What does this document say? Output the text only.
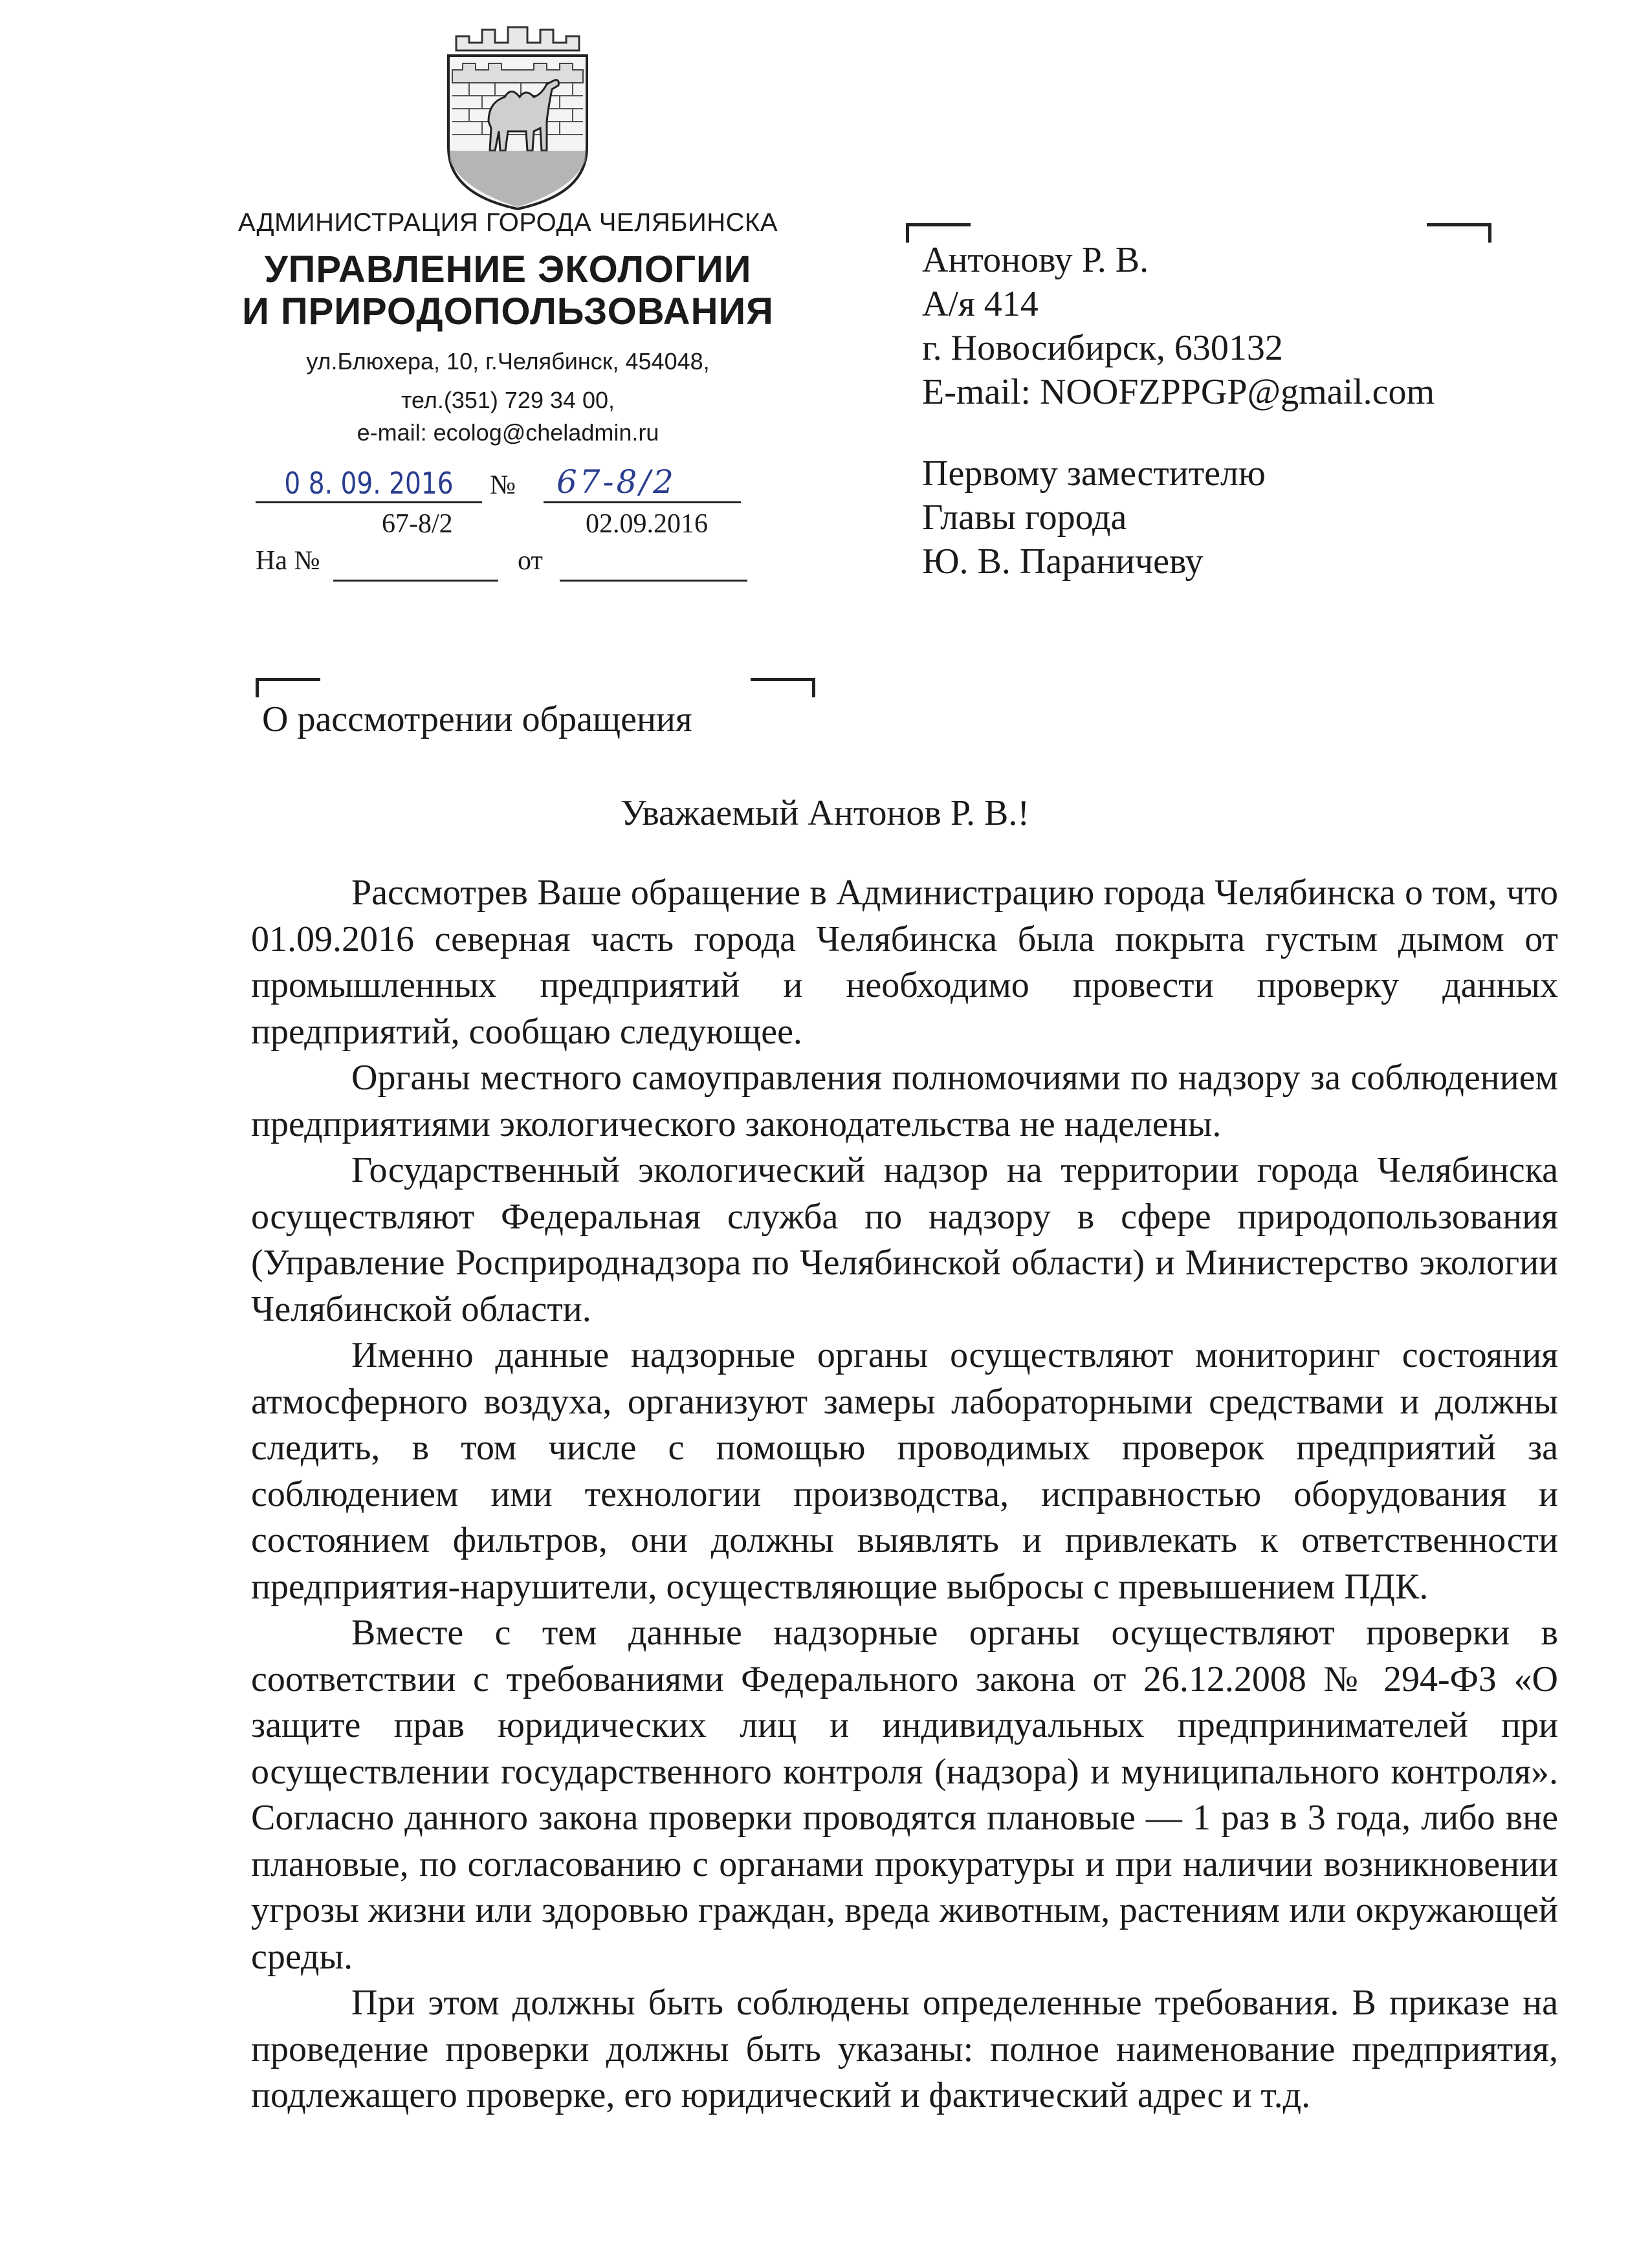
АДМИНИСТРАЦИЯ ГОРОДА ЧЕЛЯБИНСКА
УПРАВЛЕНИЕ ЭКОЛОГИИ
И ПРИРОДОПОЛЬЗОВАНИЯ
ул.Блюхера, 10, г.Челябинск, 454048,
тел.(351) 729 34 00,
e-mail: ecolog@cheladmin.ru
0 8. 09. 2016	№ 67-8/2
67-8/2	02.09.2016
На №	от
Антонову Р. В.
А/я 414
г. Новосибирск, 630132
E-mail: NOOFZPPGP@gmail.com
Первому заместителю
Главы города
Ю. В. Параничеву
О рассмотрении обращения
Уважаемый Антонов Р. В.!

Рассмотрев Ваше обращение в Администрацию города Челябинска о том, что 01.09.2016 северная часть города Челябинска была покрыта густым дымом от промышленных предприятий и необходимо провести проверку данных предприятий, сообщаю следующее.

Органы местного самоуправления полномочиями по надзору за соблюдением предприятиями экологического законодательства не наделены.

Государственный экологический надзор на территории города Челябинска осуществляют Федеральная служба по надзору в сфере природопользования (Управление Росприроднадзора по Челябинской области) и Министерство экологии Челябинской области.

Именно данные надзорные органы осуществляют мониторинг состояния атмосферного воздуха, организуют замеры лабораторными средствами и должны следить, в том числе с помощью проводимых проверок предприятий за соблюдением ими технологии производства, исправностью оборудования и состоянием фильтров, они должны выявлять и привлекать к ответственности предприятия-нарушители, осуществляющие выбросы с превышением ПДК.

Вместе с тем данные надзорные органы осуществляют проверки в соответствии с требованиями Федерального закона от 26.12.2008 № 294-ФЗ «О защите прав юридических лиц и индивидуальных предпринимателей при осуществлении государственного контроля (надзора) и муниципального контроля». Согласно данного закона проверки проводятся плановые — 1 раз в 3 года, либо вне плановые, по согласованию с органами прокуратуры и при наличии возникновении угрозы жизни или здоровью граждан, вреда животным, растениям или окружающей среды.

При этом должны быть соблюдены определенные требования. В приказе на проведение проверки должны быть указаны: полное наименование предприятия, подлежащего проверке, его юридический и фактический адрес и т.д.
